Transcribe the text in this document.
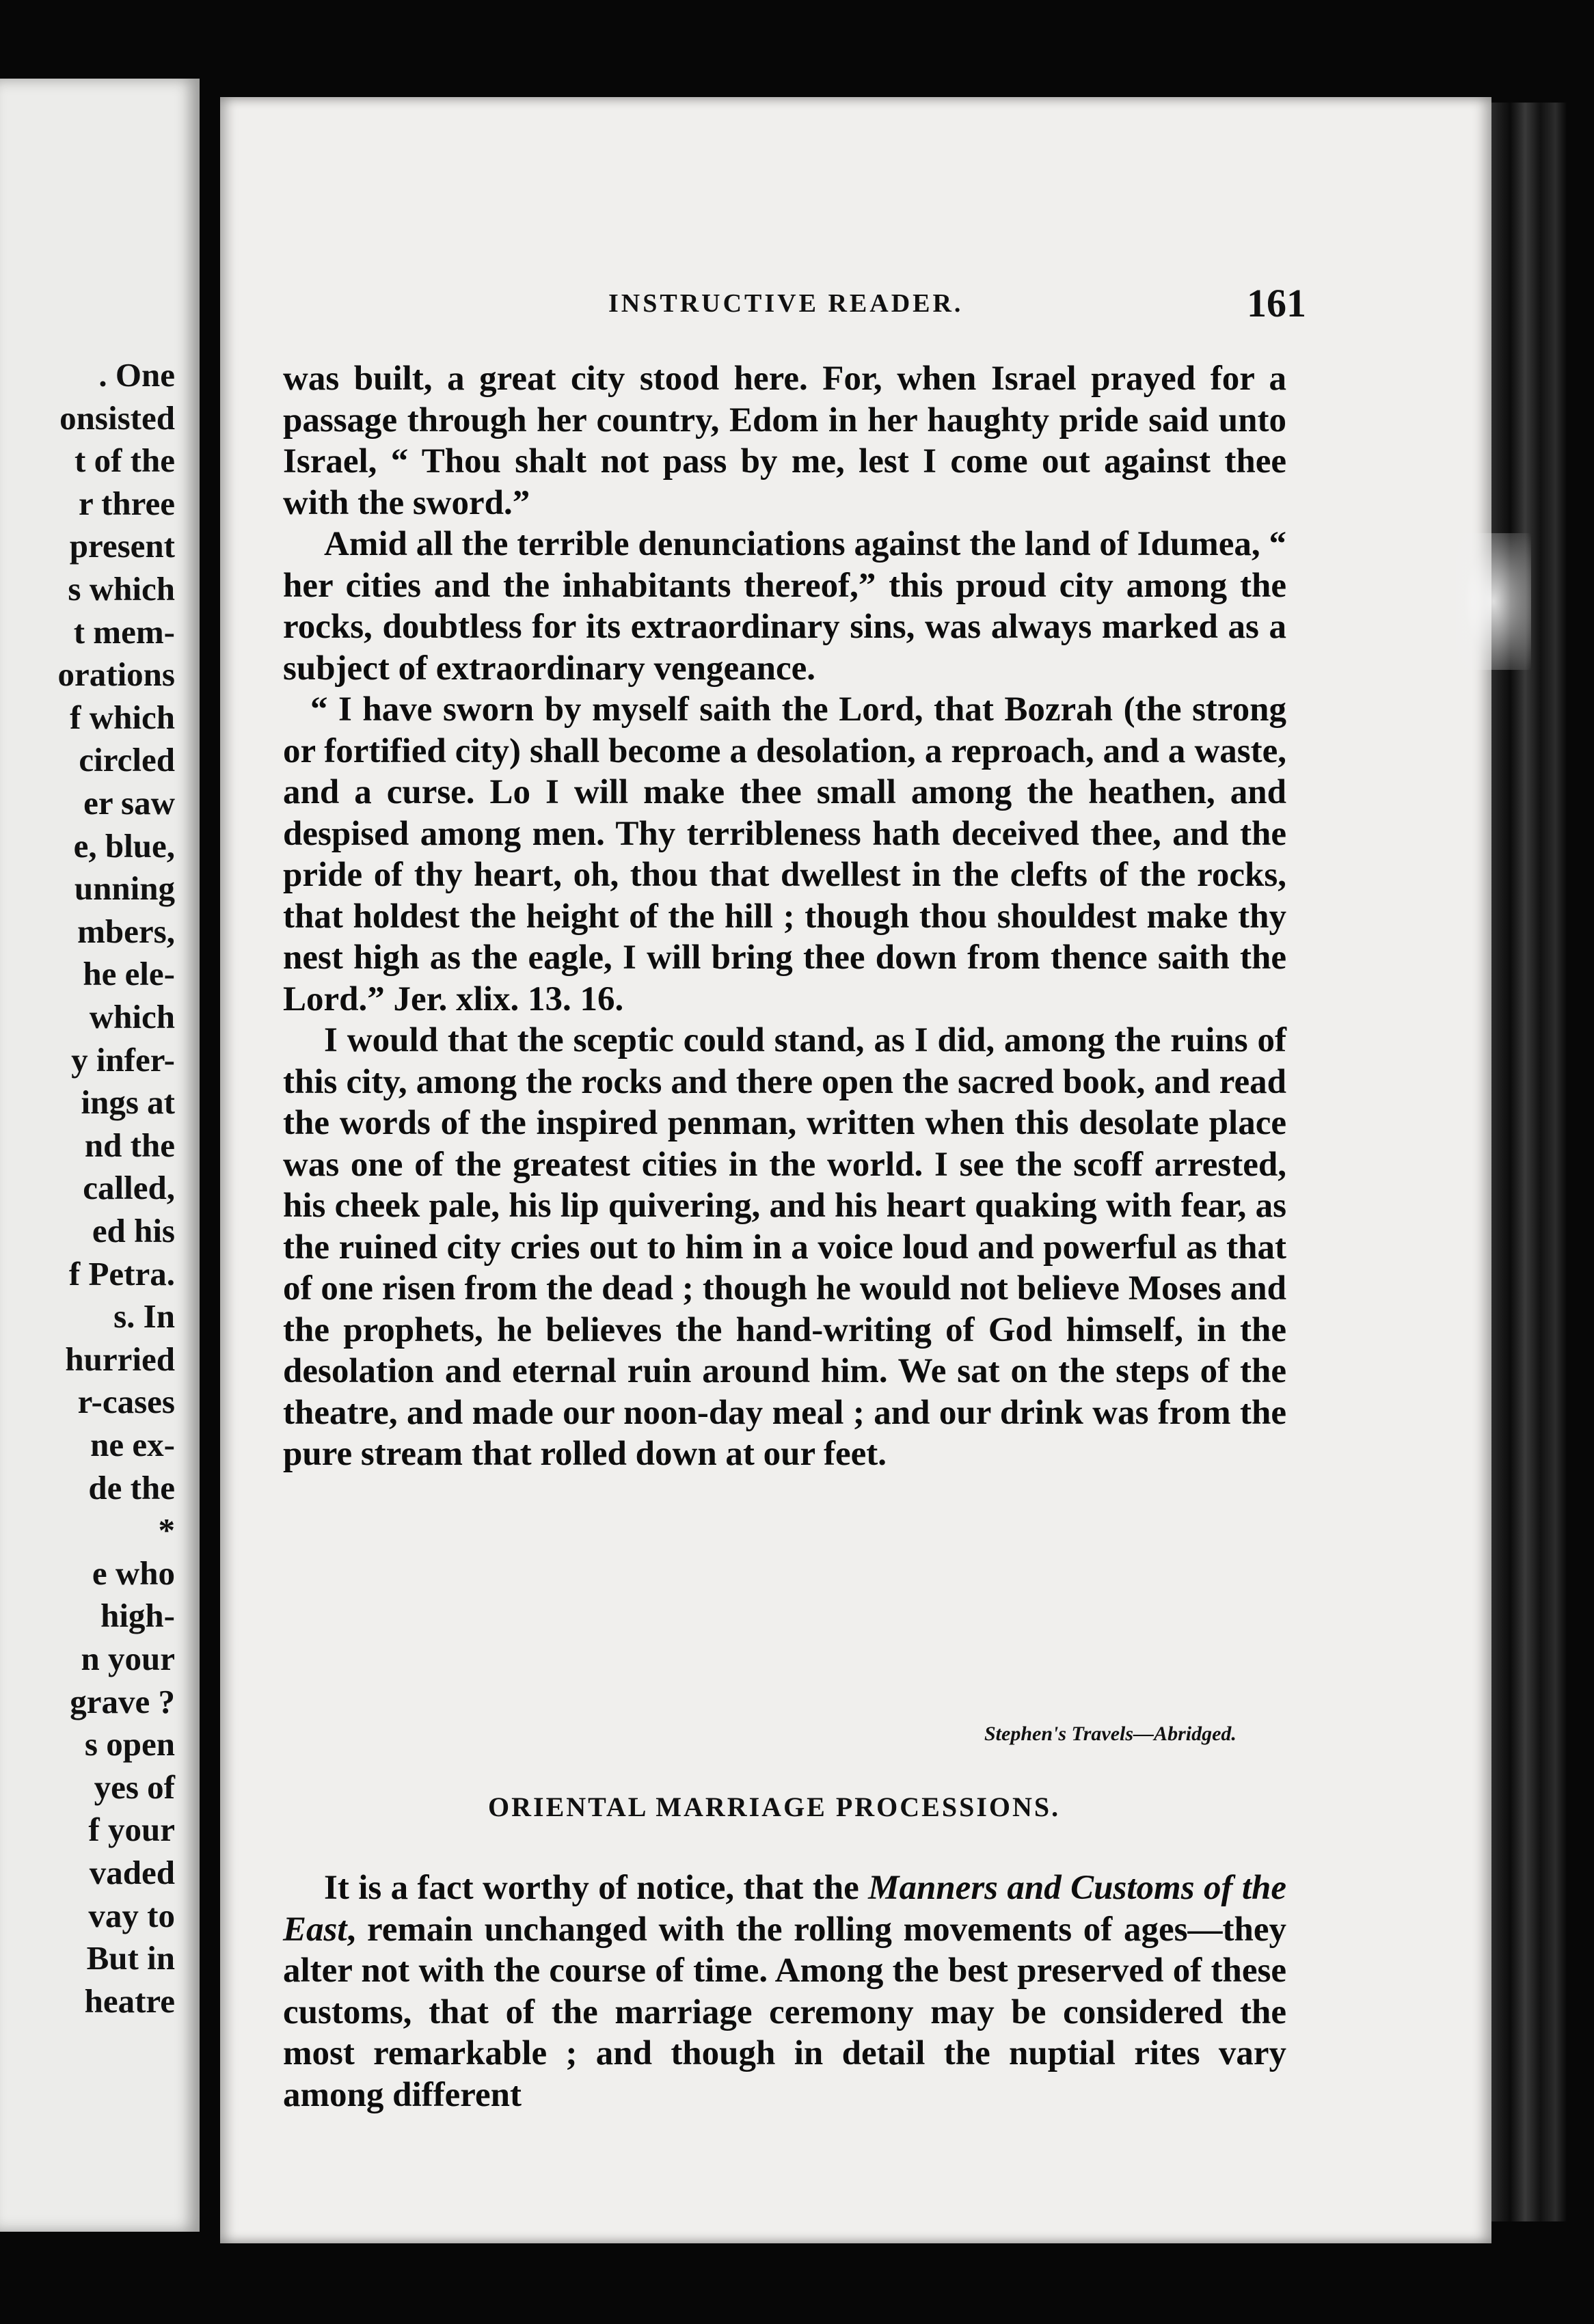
. One
onsisted
t of the
r three
present
s which
t mem-
orations
f which
circled
er saw
e, blue,
unning
mbers,
he ele-
which
y infer-
ings at
nd the
called,
ed his
f Petra.
s. In
hurried
r-cases
ne ex-
de the
*
e who
high-
n your
grave ?
s open
yes of
f your
vaded
vay to
But in
heatre
INSTRUCTIVE READER.	161

was built, a great city stood here. For, when Israel prayed for a passage through her country, Edom in her haughty pride said unto Israel, “ Thou shalt not pass by me, lest I come out against thee with the sword.”

Amid all the terrible denunciations against the land of Idumea, “ her cities and the inhabitants thereof,” this proud city among the rocks, doubtless for its extraordinary sins, was always marked as a subject of extraordinary vengeance.

“ I have sworn by myself saith the Lord, that Bozrah (the strong or fortified city) shall become a desolation, a reproach, and a waste, and a curse. Lo I will make thee small among the heathen, and despised among men. Thy terribleness hath deceived thee, and the pride of thy heart, oh, thou that dwellest in the clefts of the rocks, that holdest the height of the hill ; though thou shouldest make thy nest high as the eagle, I will bring thee down from thence saith the Lord.” Jer. xlix. 13. 16.

I would that the sceptic could stand, as I did, among the ruins of this city, among the rocks and there open the sacred book, and read the words of the inspired penman, written when this desolate place was one of the greatest cities in the world. I see the scoff arrested, his cheek pale, his lip quivering, and his heart quaking with fear, as the ruined city cries out to him in a voice loud and powerful as that of one risen from the dead ; though he would not believe Moses and the prophets, he believes the hand-writing of God himself, in the desolation and eternal ruin around him. We sat on the steps of the theatre, and made our noon-day meal ; and our drink was from the pure stream that rolled down at our feet.

Stephen's Travels—Abridged.
ORIENTAL MARRIAGE PROCESSIONS.

It is a fact worthy of notice, that the Manners and Customs of the East, remain unchanged with the rolling movements of ages—they alter not with the course of time. Among the best preserved of these customs, that of the marriage ceremony may be considered the most remarkable ; and though in detail the nuptial rites vary among different
